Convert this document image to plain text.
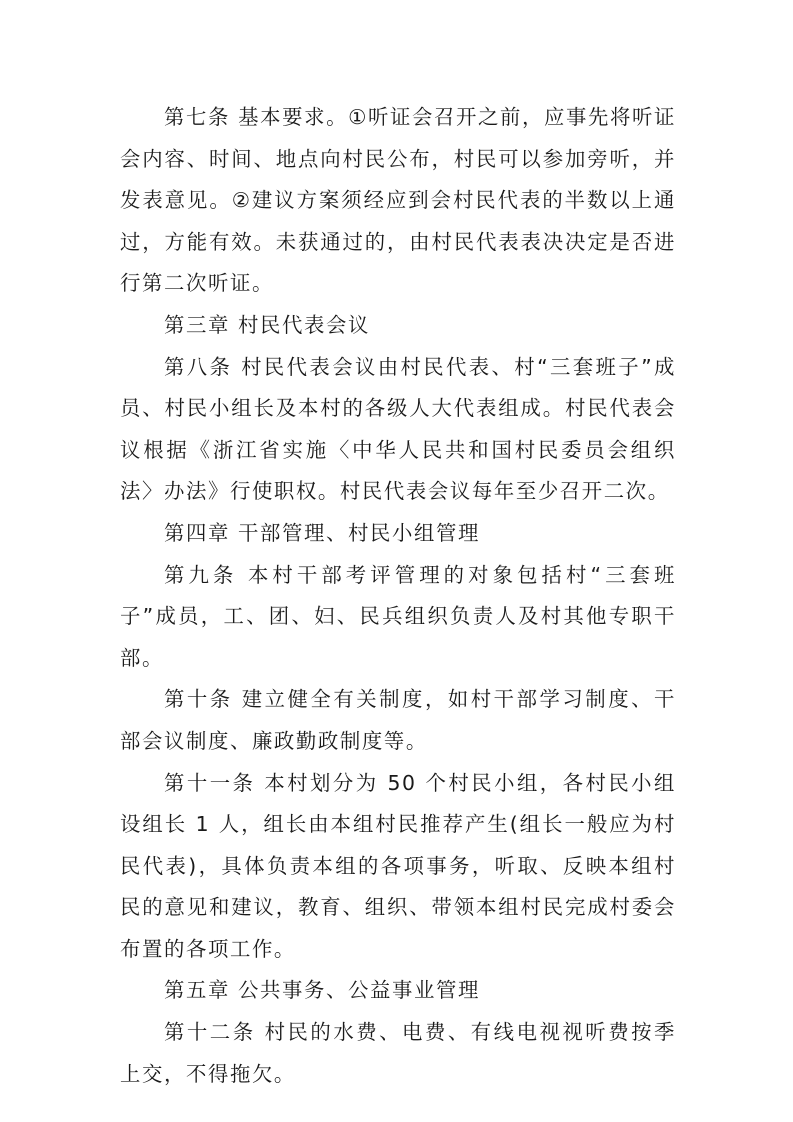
第七条 基本要求。①听证会召开之前，应事先将听证会内容、时间、地点向村民公布，村民可以参加旁听，并发表意见。②建议方案须经应到会村民代表的半数以上通过，方能有效。未获通过的，由村民代表表决决定是否进行第二次听证。

第三章 村民代表会议

第八条 村民代表会议由村民代表、村“三套班子”成员、村民小组长及本村的各级人大代表组成。村民代表会议根据《浙江省实施〈中华人民共和国村民委员会组织法〉办法》行使职权。村民代表会议每年至少召开二次。

第四章 干部管理、村民小组管理

第九条 本村干部考评管理的对象包括村“三套班子”成员，工、团、妇、民兵组织负责人及村其他专职干部。

第十条 建立健全有关制度，如村干部学习制度、干部会议制度、廉政勤政制度等。

第十一条 本村划分为 50 个村民小组，各村民小组设组长 1 人，组长由本组村民推荐产生(组长一般应为村民代表)，具体负责本组的各项事务，听取、反映本组村民的意见和建议，教育、组织、带领本组村民完成村委会布置的各项工作。

第五章 公共事务、公益事业管理

第十二条 村民的水费、电费、有线电视视听费按季上交，不得拖欠。
